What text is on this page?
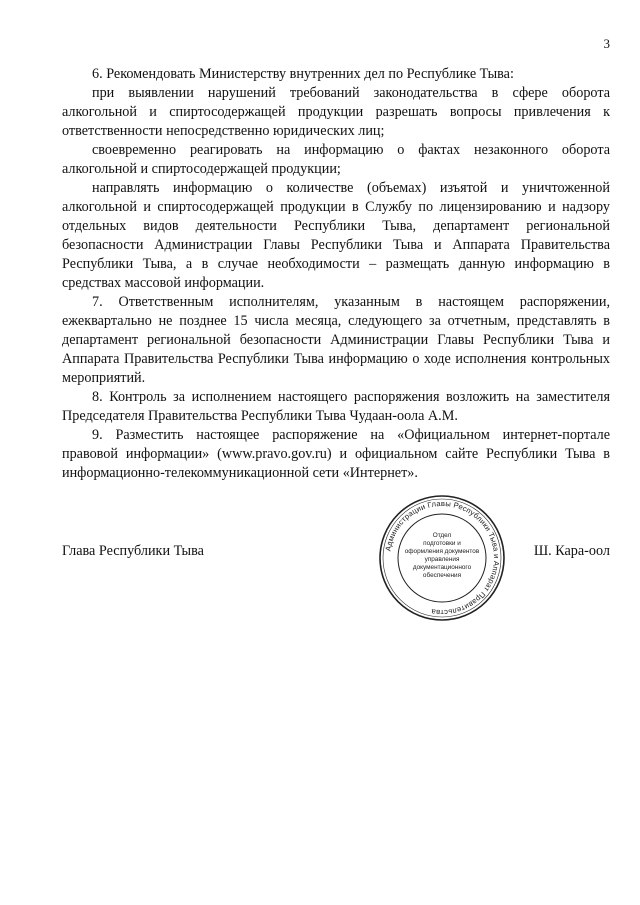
3

6. Рекомендовать Министерству внутренних дел по Республике Тыва:

при выявлении нарушений требований законодательства в сфере оборота алкогольной и спиртосодержащей продукции разрешать вопросы привлечения к ответственности непосредственно юридических лиц;

своевременно реагировать на информацию о фактах незаконного оборота алкогольной и спиртосодержащей продукции;

направлять информацию о количестве (объемах) изъятой и уничтоженной алкогольной и спиртосодержащей продукции в Службу по лицензированию и надзору отдельных видов деятельности Республики Тыва, департамент региональной безопасности Администрации Главы Республики Тыва и Аппарата Правительства Республики Тыва, а в случае необходимости – размещать данную информацию в средствах массовой информации.

7. Ответственным исполнителям, указанным в настоящем распоряжении, ежеквартально не позднее 15 числа месяца, следующего за отчетным, представлять в департамент региональной безопасности Администрации Главы Республики Тыва и Аппарата Правительства Республики Тыва информацию о ходе исполнения контрольных мероприятий.

8. Контроль за исполнением настоящего распоряжения возложить на заместителя Председателя Правительства Республики Тыва Чудаан-оола А.М.

9. Разместить настоящее распоряжение на «Официальном интернет-портале правовой информации» (www.pravo.gov.ru) и официальном сайте Республики Тыва в информационно-телекоммуникационной сети «Интернет».

Глава Республики Тыва	Ш. Кара-оол
Администрации Главы Республики Тыва и Аппарат Правительства
Отдел
подготовки и
оформления документов
управления
документационного
обеспечения
